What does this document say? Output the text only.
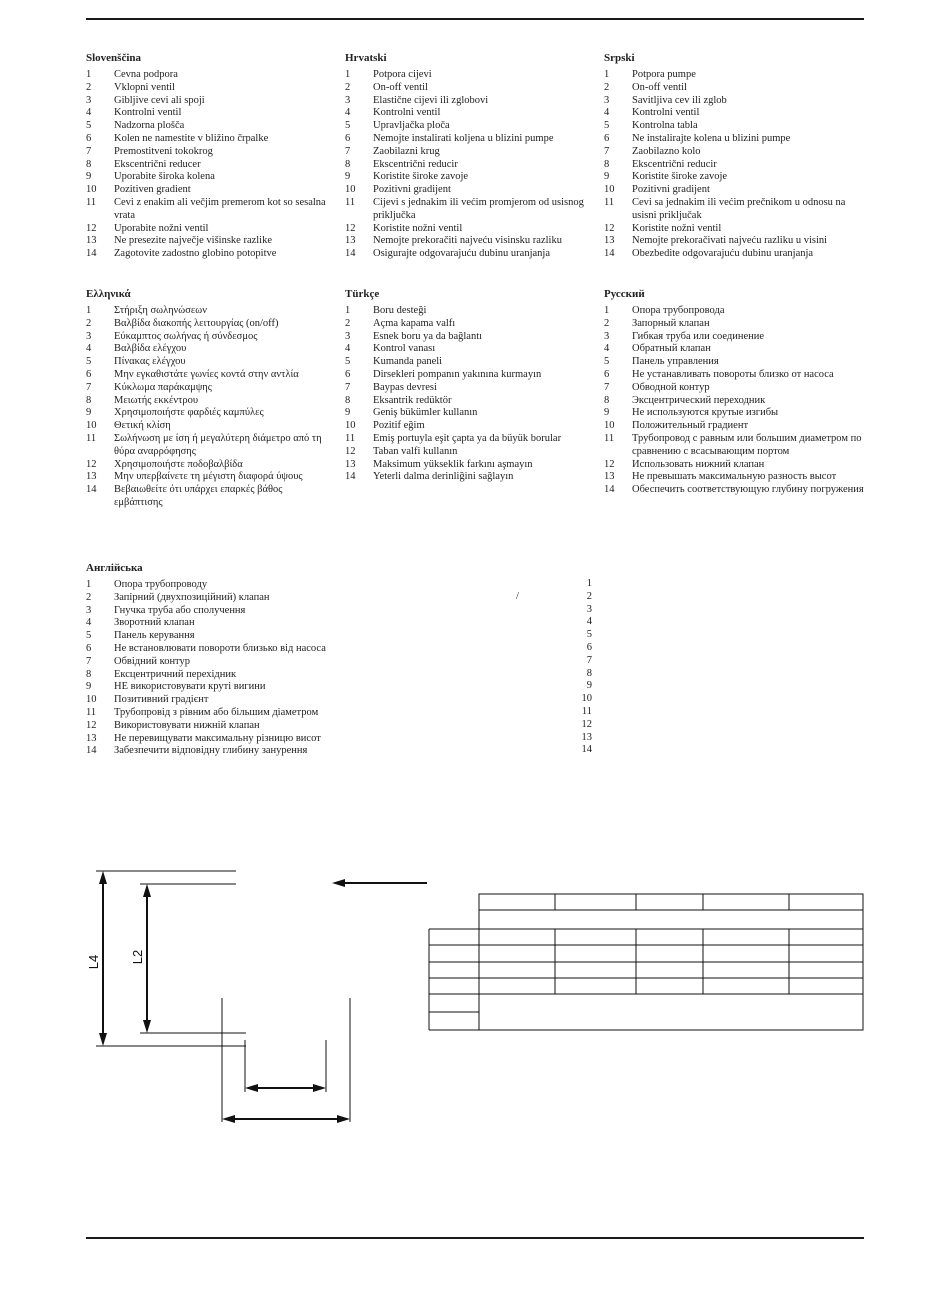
Slovenščina
1	Cevna podpora
2	Vklopni ventil
3	Gibljive cevi ali spoji
4	Kontrolni ventil
5	Nadzorna plošča
6	Kolen ne namestite v bližino črpalke
7	Premostitveni tokokrog
8	Ekscentrični reducer
9	Uporabite široka kolena
10	Pozitiven gradient
11	Cevi z enakim ali večjim premerom kot so sesalna vrata
12	Uporabite nožni ventil
13	Ne presezite največje višinske razlike
14	Zagotovite zadostno globino potopitve
Hrvatski
1	Potpora cijevi
2	On-off ventil
3	Elastične cijevi ili zglobovi
4	Kontrolni ventil
5	Upravljačka ploča
6	Nemojte instalirati koljena u blizini pumpe
7	Zaobilazni krug
8	Ekscentrični reducir
9	Koristite široke zavoje
10	Pozitivni gradijent
11	Cijevi s jednakim ili većim promjerom od usisnog priključka
12	Koristite nožni ventil
13	Nemojte prekoračiti najveću visinsku razliku
14	Osigurajte odgovarajuću dubinu uranjanja
Srpski
1	Potpora pumpe
2	On-off ventil
3	Savitljiva cev ili zglob
4	Kontrolni ventil
5	Kontrolna tabla
6	Ne instalirajte kolena u blizini pumpe
7	Zaobilazno kolo
8	Ekscentrični reducir
9	Koristite široke zavoje
10	Pozitivni gradijent
11	Cevi sa jednakim ili većim prečnikom u odnosu na usisni priključak
12	Koristite nožni ventil
13	Nemojte prekoračivati najveću razliku u visini
14	Obezbedite odgovarajuću dubinu uranjanja
Ελληνικά
1	Στήριξη σωληνώσεων
2	Βαλβίδα διακοπής λειτουργίας (on/off)
3	Εύκαμπτος σωλήνας ή σύνδεσμος
4	Βαλβίδα ελέγχου
5	Πίνακας ελέγχου
6	Μην εγκαθιστάτε γωνίες κοντά στην αντλία
7	Κύκλωμα παράκαμψης
8	Μειωτής εκκέντρου
9	Χρησιμοποιήστε φαρδιές καμπύλες
10	Θετική κλίση
11	Σωλήνωση με ίση ή μεγαλύτερη διάμετρο από τη θύρα αναρρόφησης
12	Χρησιμοποιήστε ποδοβαλβίδα
13	Μην υπερβαίνετε τη μέγιστη διαφορά ύψους
14	Βεβαιωθείτε ότι υπάρχει επαρκές βάθος εμβάπτισης
Türkçe
1	Boru desteği
2	Açma kapama valfı
3	Esnek boru ya da bağlantı
4	Kontrol vanası
5	Kumanda paneli
6	Dirsekleri pompanın yakınına kurmayın
7	Baypas devresi
8	Eksantrik redüktör
9	Geniş bükümler kullanın
10	Pozitif eğim
11	Emiş portuyla eşit çapta ya da büyük borular
12	Taban valfi kullanın
13	Maksimum yükseklik farkını aşmayın
14	Yeterli dalma derinliğini sağlayın
Русский
1	Опора трубопровода
2	Запорный клапан
3	Гибкая труба или соединение
4	Обратный клапан
5	Панель управления
6	Не устанавливать повороты близко от насоса
7	Обводной контур
8	Эксцентрический переходник
9	Не используются крутые изгибы
10	Положительный градиент
11	Трубопровод с равным или большим диаметром по сравнению с всасывающим портом
12	Использовать нижний клапан
13	Не превышать максимальную разность высот
14	Обеспечить соответствующую глубину погружения
Англійська
1	Опора трубопроводу
2	Запірний (двухпозиційний) клапан
3	Гнучка труба або сполучення
4	Зворотний клапан
5	Панель керування
6	Не встановлювати повороти близько від насоса
7	Обвідний контур
8	Ексцентричний перехідник
9	НЕ використовувати круті вигини
10	Позитивний градієнт
11	Трубопровід з рівним або більшим діаметром
12	Використовувати нижній клапан
13	Не перевищувати максимальну різницю висот
14	Забезпечити відповідну глибину занурення
/
1
2
3
4
5
6
7
8
9
10
11
12
13
14
L4 L2
